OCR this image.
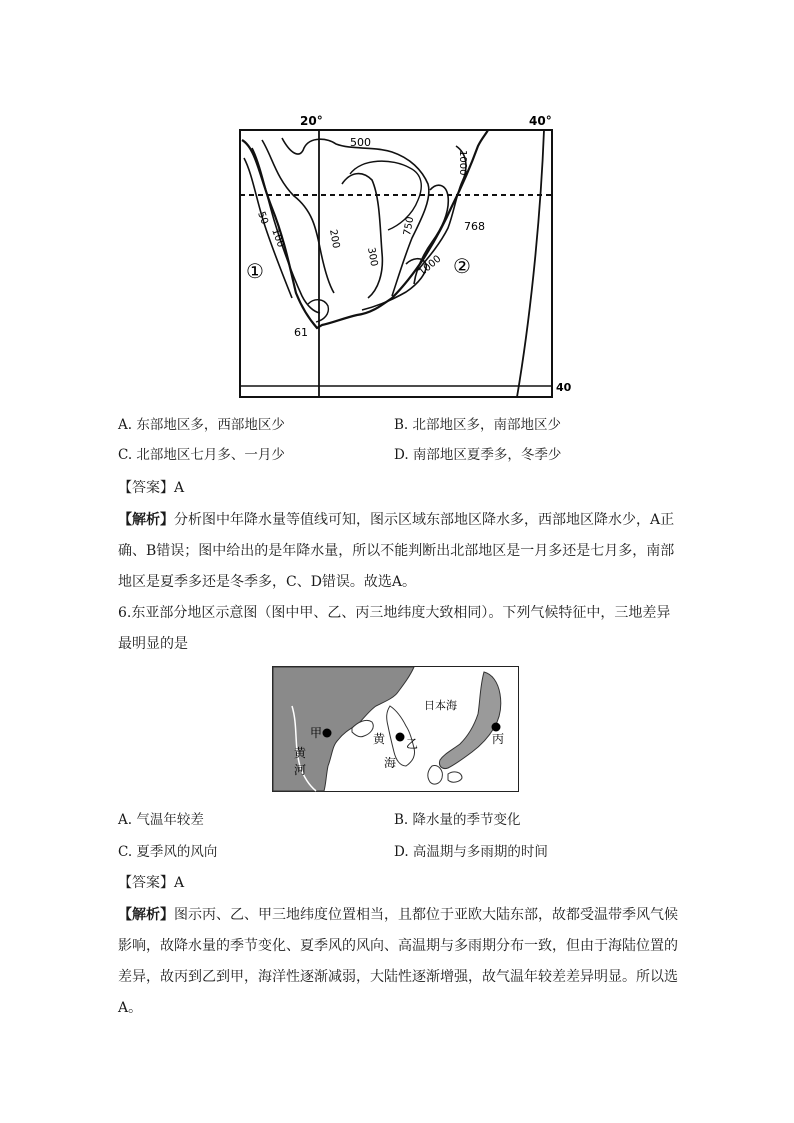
20°	40°
40
500
1000
768
750
300
200
100
50
1000
61
①	②
A. 东部地区多，西部地区少	B. 北部地区多，南部地区少
C. 北部地区七月多、一月少	D. 南部地区夏季多，冬季少
【答案】A
【解析】分析图中年降水量等值线可知，图示区域东部地区降水多，西部地区降水少，A正
确、B错误；图中给出的是年降水量，所以不能判断出北部地区是一月多还是七月多，南部
地区是夏季多还是冬季多，C、D错误。故选A。
6.东亚部分地区示意图（图中甲、乙、丙三地纬度大致相同）。下列气候特征中，三地差异
最明显的是
甲
乙	丙
黄
河
黄
海
日本海
A. 气温年较差	B. 降水量的季节变化
C. 夏季风的风向	D. 高温期与多雨期的时间
【答案】A
【解析】图示丙、乙、甲三地纬度位置相当，且都位于亚欧大陆东部，故都受温带季风气候
影响，故降水量的季节变化、夏季风的风向、高温期与多雨期分布一致，但由于海陆位置的
差异，故丙到乙到甲，海洋性逐渐减弱，大陆性逐渐增强，故气温年较差差异明显。所以选
A。
